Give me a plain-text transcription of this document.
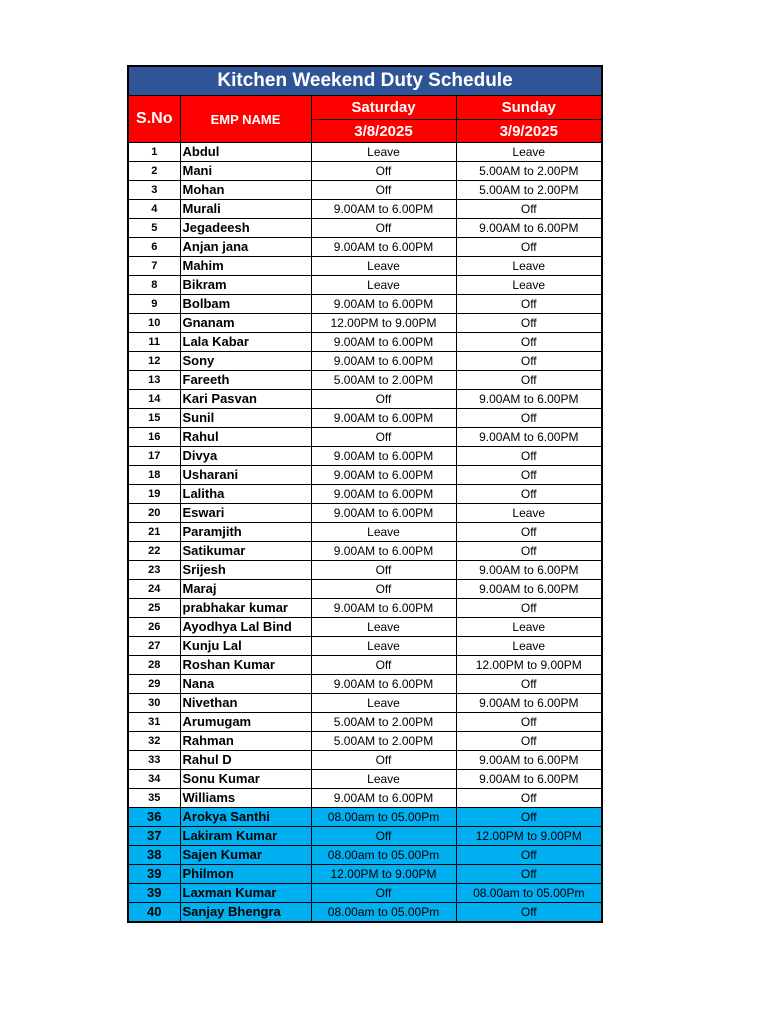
Kitchen Weekend Duty Schedule			
S.No	EMP NAME	Saturday	Sunday
		3/8/2025	3/9/2025
1	Abdul	Leave	Leave
2	Mani	Off	5.00AM to 2.00PM
3	Mohan	Off	5.00AM to 2.00PM
4	Murali	9.00AM to 6.00PM	Off
5	Jegadeesh	Off	9.00AM to 6.00PM
6	Anjan jana	9.00AM to 6.00PM	Off
7	Mahim	Leave	Leave
8	Bikram	Leave	Leave
9	Bolbam	9.00AM to 6.00PM	Off
10	Gnanam	12.00PM to 9.00PM	Off
11	Lala Kabar	9.00AM to 6.00PM	Off
12	Sony	9.00AM to 6.00PM	Off
13	Fareeth	5.00AM to 2.00PM	Off
14	Kari Pasvan	Off	9.00AM to 6.00PM
15	Sunil	9.00AM to 6.00PM	Off
16	Rahul	Off	9.00AM to 6.00PM
17	Divya	9.00AM to 6.00PM	Off
18	Usharani	9.00AM to 6.00PM	Off
19	Lalitha	9.00AM to 6.00PM	Off
20	Eswari	9.00AM to 6.00PM	Leave
21	Paramjith	Leave	Off
22	Satikumar	9.00AM to 6.00PM	Off
23	Srijesh	Off	9.00AM to 6.00PM
24	Maraj	Off	9.00AM to 6.00PM
25	prabhakar kumar	9.00AM to 6.00PM	Off
26	Ayodhya Lal Bind	Leave	Leave
27	Kunju Lal	Leave	Leave
28	Roshan Kumar	Off	12.00PM to 9.00PM
29	Nana	9.00AM to 6.00PM	Off
30	Nivethan	Leave	9.00AM to 6.00PM
31	Arumugam	5.00AM to 2.00PM	Off
32	Rahman	5.00AM to 2.00PM	Off
33	Rahul D	Off	9.00AM to 6.00PM
34	Sonu Kumar	Leave	9.00AM to 6.00PM
35	Williams	9.00AM to 6.00PM	Off
36	Arokya Santhi	08.00am to 05.00Pm	Off
37	Lakiram Kumar	Off	12.00PM to 9.00PM
38	Sajen Kumar	08.00am to 05.00Pm	Off
39	Philmon	12.00PM to 9.00PM	Off
39	Laxman Kumar	Off	08.00am to 05.00Pm
40	Sanjay Bhengra	08.00am to 05.00Pm	Off
